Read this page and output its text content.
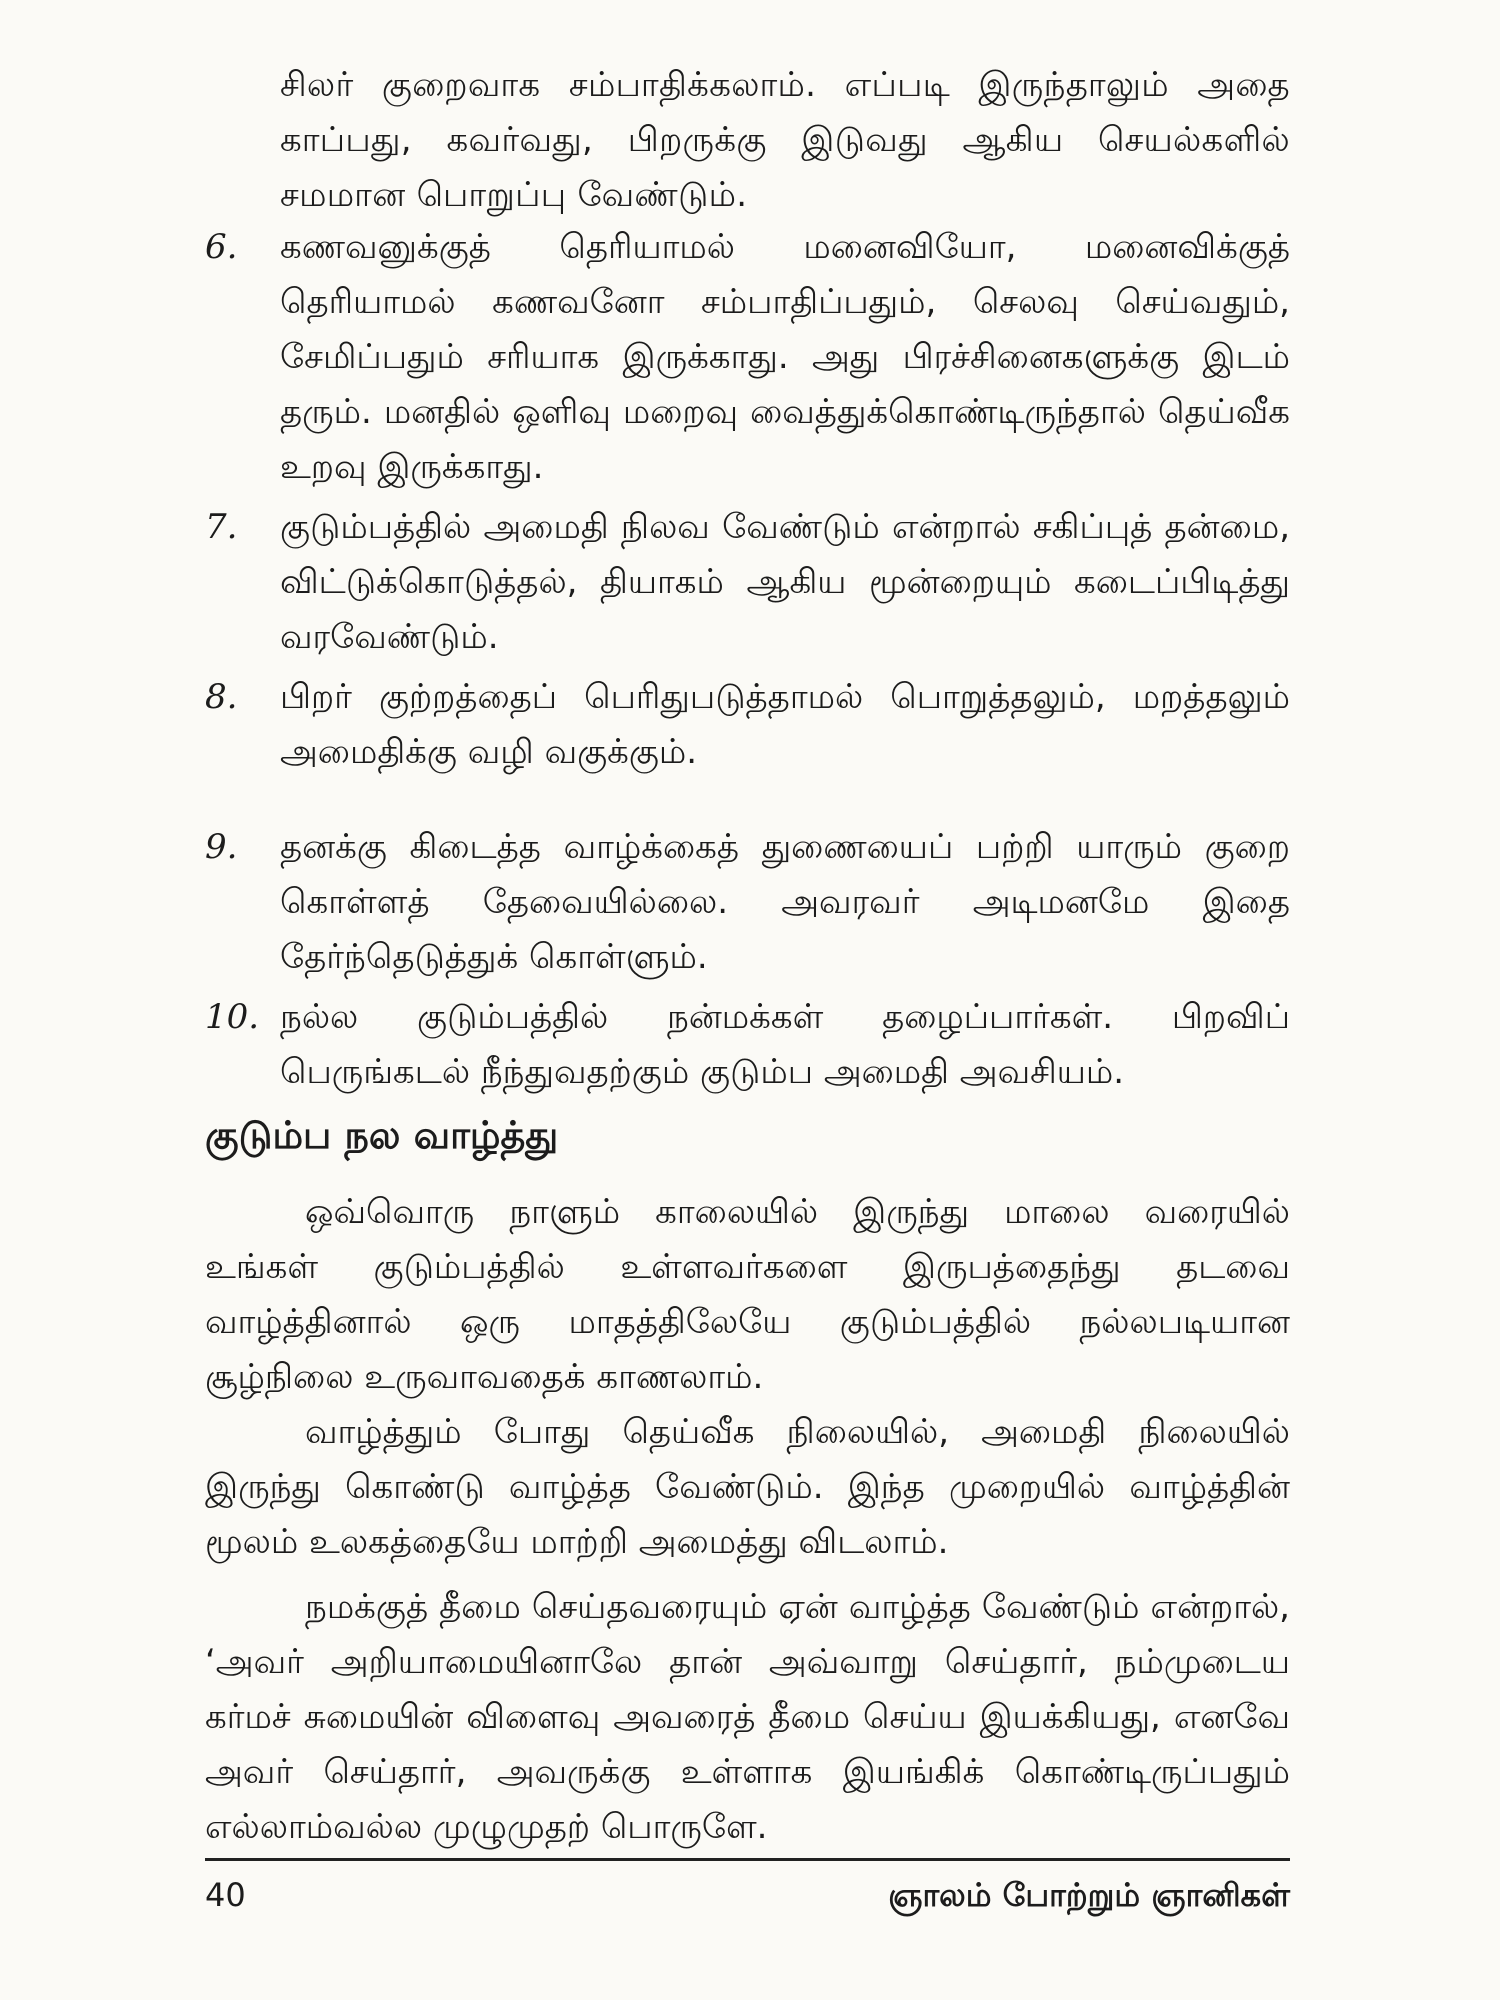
சிலர் குறைவாக சம்பாதிக்கலாம். எப்படி இருந்தாலும் அதை காப்பது, கவர்வது, பிறருக்கு இடுவது ஆகிய செயல்களில் சமமான பொறுப்பு வேண்டும்.
6.	கணவனுக்குத் தெரியாமல் மனைவியோ, மனைவிக்குத் தெரியாமல் கணவனோ சம்பாதிப்பதும், செலவு செய்வதும், சேமிப்பதும் சரியாக இருக்காது. அது பிரச்சினைகளுக்கு இடம் தரும். மனதில் ஒளிவு மறைவு வைத்துக்கொண்டிருந்தால் தெய்வீக உறவு இருக்காது.
7.	குடும்பத்தில் அமைதி நிலவ வேண்டும் என்றால் சகிப்புத் தன்மை, விட்டுக்கொடுத்தல், தியாகம் ஆகிய மூன்றையும் கடைப்பிடித்து வரவேண்டும்.
8.	பிறர் குற்றத்தைப் பெரிதுபடுத்தாமல் பொறுத்தலும், மறத்தலும் அமைதிக்கு வழி வகுக்கும்.
9.	தனக்கு கிடைத்த வாழ்க்கைத் துணையைப் பற்றி யாரும் குறை கொள்ளத் தேவையில்லை. அவரவர் அடிமனமே இதை தேர்ந்தெடுத்துக் கொள்ளும்.
10. நல்ல குடும்பத்தில் நன்மக்கள் தழைப்பார்கள். பிறவிப் பெருங்கடல் நீந்துவதற்கும் குடும்ப அமைதி அவசியம்.
குடும்ப நல வாழ்த்து
ஒவ்வொரு நாளும் காலையில் இருந்து மாலை வரையில் உங்கள் குடும்பத்தில் உள்ளவர்களை இருபத்தைந்து தடவை வாழ்த்தினால் ஒரு மாதத்திலேயே குடும்பத்தில் நல்லபடியான சூழ்நிலை உருவாவதைக் காணலாம்.
வாழ்த்தும் போது தெய்வீக நிலையில், அமைதி நிலையில் இருந்து கொண்டு வாழ்த்த வேண்டும். இந்த முறையில் வாழ்த்தின் மூலம் உலகத்தையே மாற்றி அமைத்து விடலாம்.
நமக்குத் தீமை செய்தவரையும் ஏன் வாழ்த்த வேண்டும் என்றால், ‘அவர் அறியாமையினாலே தான் அவ்வாறு செய்தார், நம்முடைய கர்மச் சுமையின் விளைவு அவரைத் தீமை செய்ய இயக்கியது, எனவே அவர் செய்தார், அவருக்கு உள்ளாக இயங்கிக் கொண்டிருப்பதும் எல்லாம்வல்ல முழுமுதற் பொருளே.
40	ஞாலம் போற்றும் ஞானிகள்
